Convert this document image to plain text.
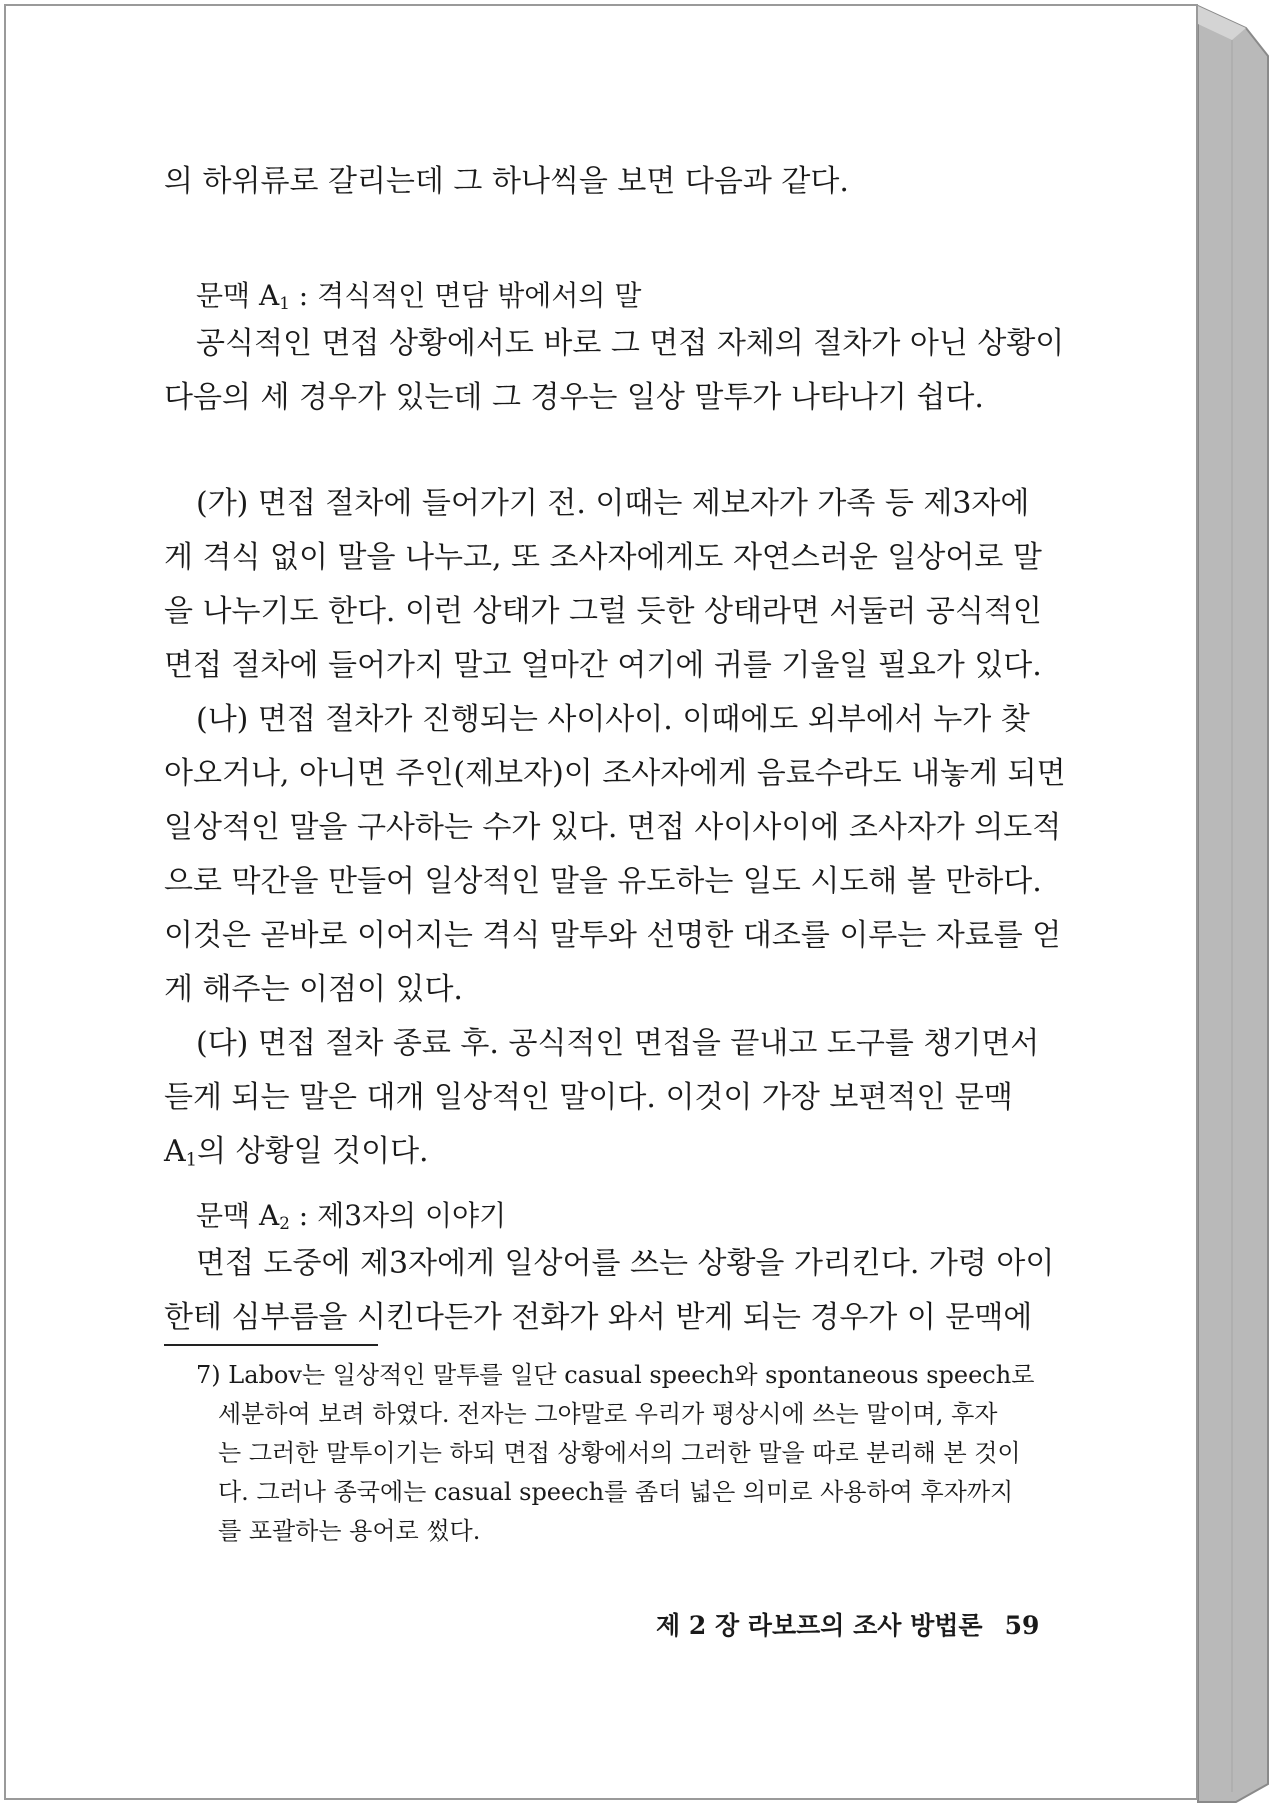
의 하위류로 갈리는데 그 하나씩을 보면 다음과 같다.
문맥 $A_1$ : 격식적인 면담 밖에서의 말
공식적인 면접 상황에서도 바로 그 면접 자체의 절차가 아닌 상황이
다음의 세 경우가 있는데 그 경우는 일상 말투가 나타나기 쉽다.
(가) 면접 절차에 들어가기 전. 이때는 제보자가 가족 등 제3자에
게 격식 없이 말을 나누고, 또 조사자에게도 자연스러운 일상어로 말
을 나누기도 한다. 이런 상태가 그럴 듯한 상태라면 서둘러 공식적인
면접 절차에 들어가지 말고 얼마간 여기에 귀를 기울일 필요가 있다.
(나) 면접 절차가 진행되는 사이사이. 이때에도 외부에서 누가 찾
아오거나, 아니면 주인(제보자)이 조사자에게 음료수라도 내놓게 되면
일상적인 말을 구사하는 수가 있다. 면접 사이사이에 조사자가 의도적
으로 막간을 만들어 일상적인 말을 유도하는 일도 시도해 볼 만하다.
이것은 곧바로 이어지는 격식 말투와 선명한 대조를 이루는 자료를 얻
게 해주는 이점이 있다.
(다) 면접 절차 종료 후. 공식적인 면접을 끝내고 도구를 챙기면서
듣게 되는 말은 대개 일상적인 말이다. 이것이 가장 보편적인 문맥
$A_1$의 상황일 것이다.
문맥 $A_2$ : 제3자의 이야기
면접 도중에 제3자에게 일상어를 쓰는 상황을 가리킨다. 가령 아이
한테 심부름을 시킨다든가 전화가 와서 받게 되는 경우가 이 문맥에
7) Labov는 일상적인 말투를 일단 casual speech와 spontaneous speech로
세분하여 보려 하였다. 전자는 그야말로 우리가 평상시에 쓰는 말이며, 후자
는 그러한 말투이기는 하되 면접 상황에서의 그러한 말을 따로 분리해 본 것이
다. 그러나 종국에는 casual speech를 좀더 넓은 의미로 사용하여 후자까지
를 포괄하는 용어로 썼다.
제 2 장 라보프의 조사 방법론 59
